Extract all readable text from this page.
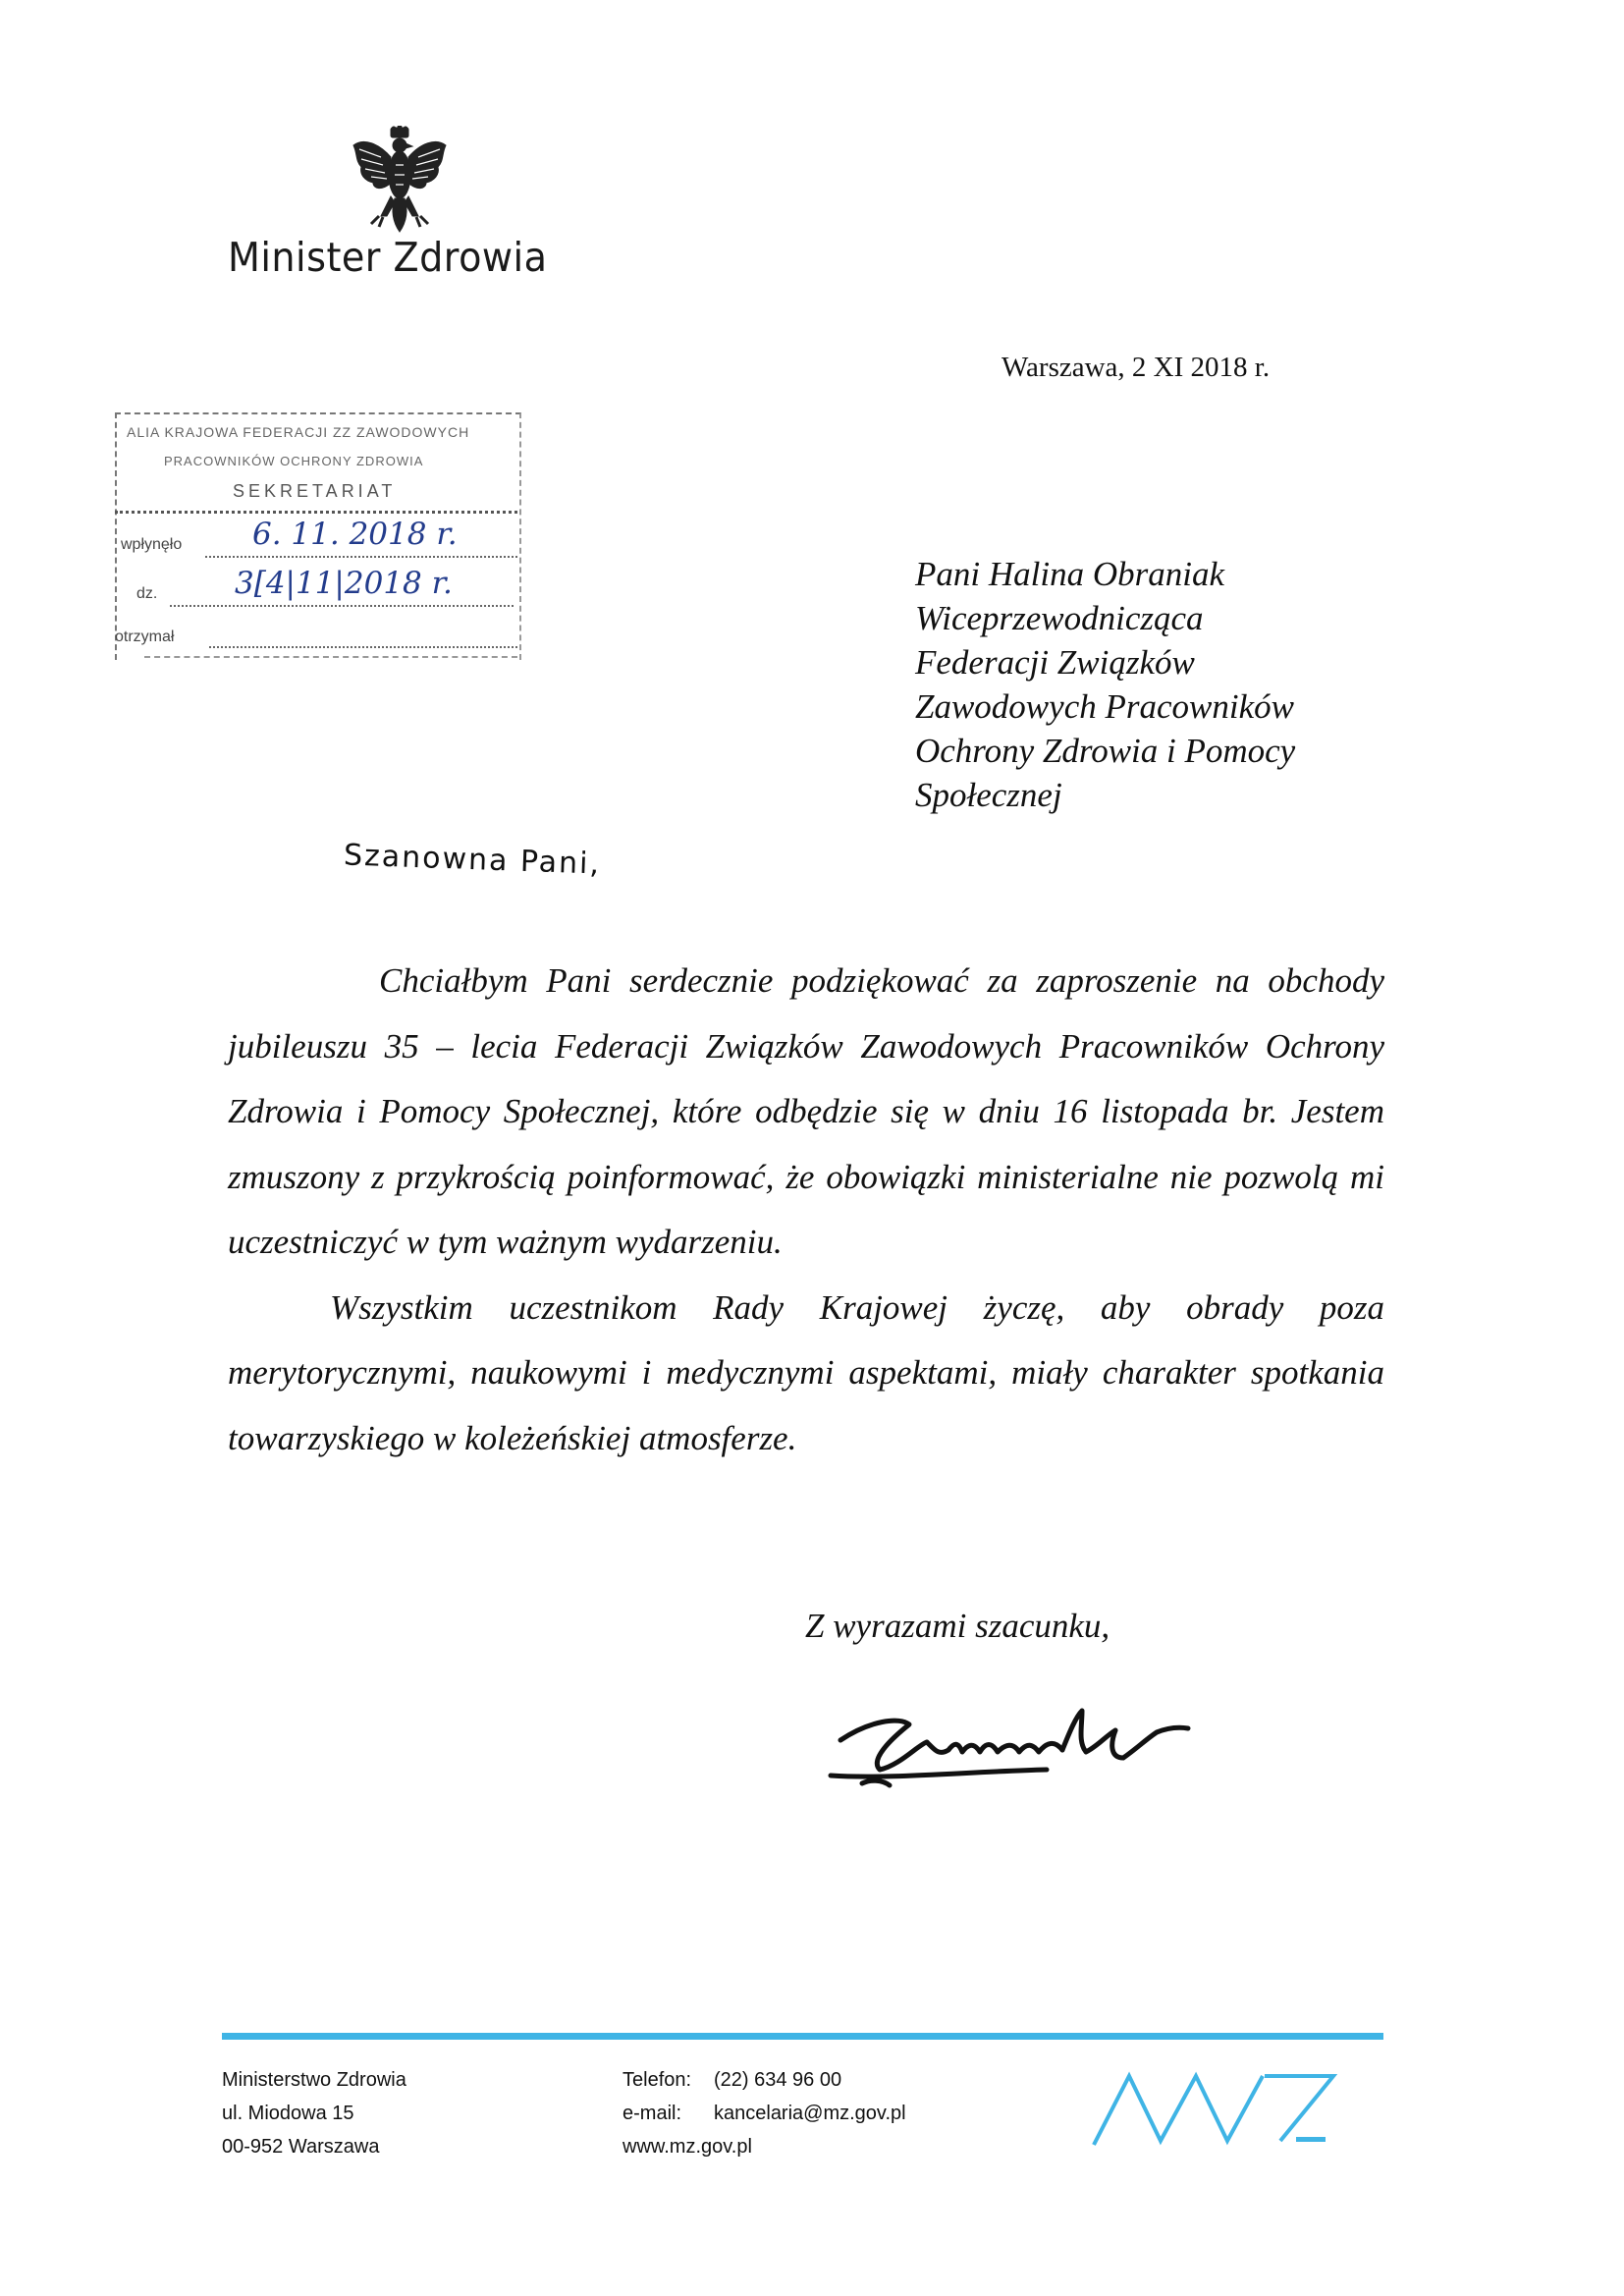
Minister Zdrowia
Warszawa, 2 XI 2018 r.
ALIA KRAJOWA FEDERACJI ZZ ZAWODOWYCH
PRACOWNIKÓW OCHRONY ZDROWIA
SEKRETARIAT
wpłynęło 6. 11. 2018 r.
dz.	3[4|11|2018 r.
otrzymał
Pani Halina Obraniak
Wiceprzewodnicząca
Federacji Związków
Zawodowych Pracowników
Ochrony Zdrowia i Pomocy
Społecznej
Szanowna Pani,

Chciałbym Pani serdecznie podziękować za zaproszenie na obchody jubileuszu 35 – lecia Federacji Związków Zawodowych Pracowników Ochrony Zdrowia i Pomocy Społecznej, które odbędzie się w dniu 16 listopada br. Jestem zmuszony z przykrością poinformować, że obowiązki ministerialne nie pozwolą mi uczestniczyć w tym ważnym wydarzeniu.

Wszystkim uczestnikom Rady Krajowej życzę, aby obrady poza merytorycznymi, naukowymi i medycznymi aspektami, miały charakter spotkania towarzyskiego w koleżeńskiej atmosferze.

Z wyrazami szacunku,
Ministerstwo Zdrowia
ul. Miodowa 15
00-952 Warszawa
Telefon: (22) 634 96 00
e-mail: kancelaria@mz.gov.pl
www.mz.gov.pl
